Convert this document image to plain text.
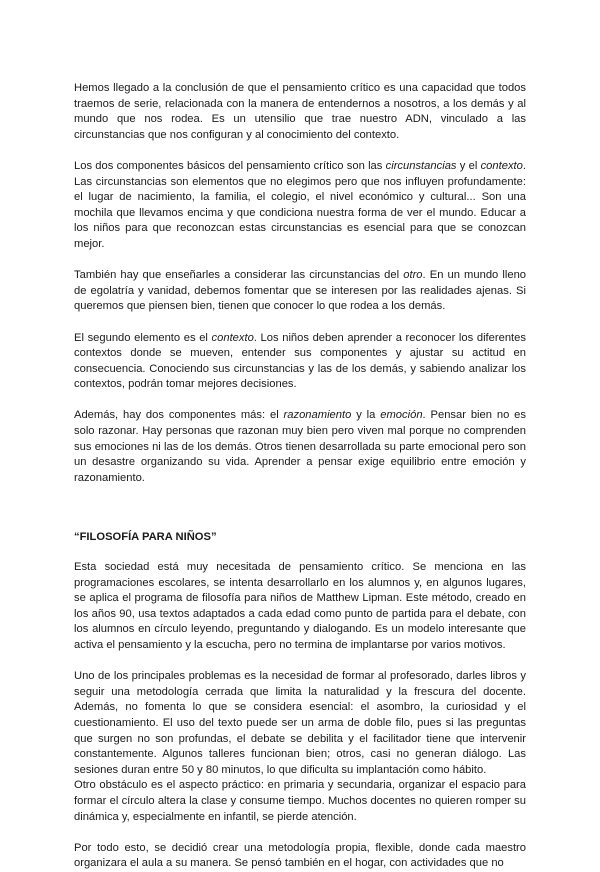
Hemos llegado a la conclusión de que el pensamiento crítico es una capacidad que todos traemos de serie, relacionada con la manera de entendernos a nosotros, a los demás y al mundo que nos rodea. Es un utensilio que trae nuestro ADN, vinculado a las circunstancias que nos configuran y al conocimiento del contexto.

Los dos componentes básicos del pensamiento crítico son las circunstancias y el contexto. Las circunstancias son elementos que no elegimos pero que nos influyen profundamente: el lugar de nacimiento, la familia, el colegio, el nivel económico y cultural... Son una mochila que llevamos encima y que condiciona nuestra forma de ver el mundo. Educar a los niños para que reconozcan estas circunstancias es esencial para que se conozcan mejor.

También hay que enseñarles a considerar las circunstancias del otro. En un mundo lleno de egolatría y vanidad, debemos fomentar que se interesen por las realidades ajenas. Si queremos que piensen bien, tienen que conocer lo que rodea a los demás.

El segundo elemento es el contexto. Los niños deben aprender a reconocer los diferentes contextos donde se mueven, entender sus componentes y ajustar su actitud en consecuencia. Conociendo sus circunstancias y las de los demás, y sabiendo analizar los contextos, podrán tomar mejores decisiones.

Además, hay dos componentes más: el razonamiento y la emoción. Pensar bien no es solo razonar. Hay personas que razonan muy bien pero viven mal porque no comprenden sus emociones ni las de los demás. Otros tienen desarrollada su parte emocional pero son un desastre organizando su vida. Aprender a pensar exige equilibrio entre emoción y razonamiento.

“FILOSOFÍA PARA NIÑOS”

Esta sociedad está muy necesitada de pensamiento crítico. Se menciona en las programaciones escolares, se intenta desarrollarlo en los alumnos y, en algunos lugares, se aplica el programa de filosofía para niños de Matthew Lipman. Este método, creado en los años 90, usa textos adaptados a cada edad como punto de partida para el debate, con los alumnos en círculo leyendo, preguntando y dialogando. Es un modelo interesante que activa el pensamiento y la escucha, pero no termina de implantarse por varios motivos.

Uno de los principales problemas es la necesidad de formar al profesorado, darles libros y seguir una metodología cerrada que limita la naturalidad y la frescura del docente. Además, no fomenta lo que se considera esencial: el asombro, la curiosidad y el cuestionamiento. El uso del texto puede ser un arma de doble filo, pues si las preguntas que surgen no son profundas, el debate se debilita y el facilitador tiene que intervenir constantemente. Algunos talleres funcionan bien; otros, casi no generan diálogo. Las sesiones duran entre 50 y 80 minutos, lo que dificulta su implantación como hábito.

Otro obstáculo es el aspecto práctico: en primaria y secundaria, organizar el espacio para formar el círculo altera la clase y consume tiempo. Muchos docentes no quieren romper su dinámica y, especialmente en infantil, se pierde atención.

Por todo esto, se decidió crear una metodología propia, flexible, donde cada maestro organizara el aula a su manera. Se pensó también en el hogar, con actividades que no
